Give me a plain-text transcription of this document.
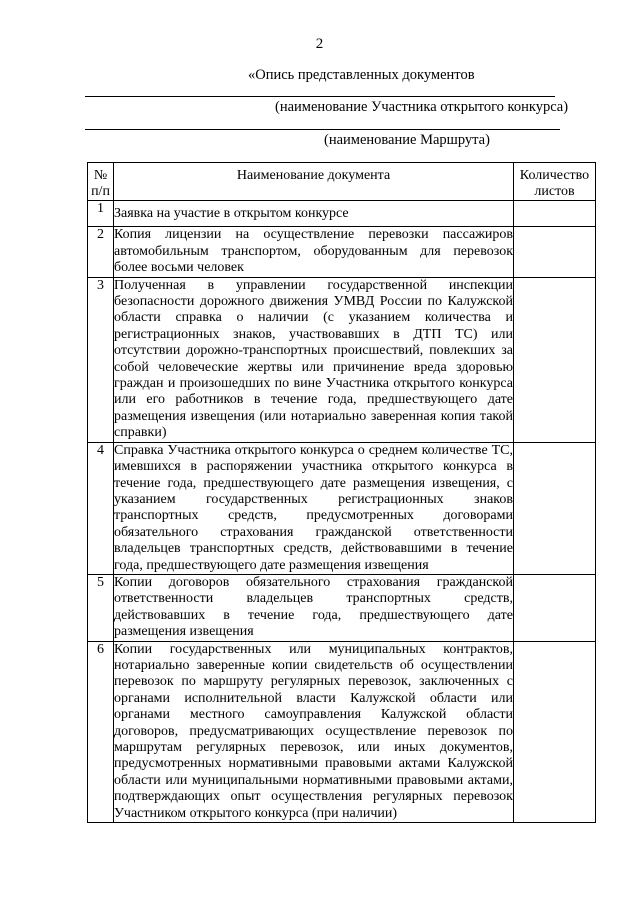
2
«Опись представленных документов
(наименование Участника открытого конкурса)
(наименование Маршрута)
№ п/п	Наименование документа	Количество листов
1	Заявка на участие в открытом конкурсе	
2	Копия лицензии на осуществление перевозки пассажиров автомобильным транспортом, оборудованным для перевозок более восьми человек	
3	Полученная в управлении государственной инспекции безопасности дорожного движения УМВД России по Калужской области справка о наличии (с указанием количества и регистрационных знаков, участвовавших в ДТП ТС) или отсутствии дорожно-транспортных происшествий, повлекших за собой человеческие жертвы или причинение вреда здоровью граждан и произошедших по вине Участника открытого конкурса или его работников в течение года, предшествующего дате размещения извещения (или нотариально заверенная копия такой справки)	
4	Справка Участника открытого конкурса о среднем количестве ТС, имевшихся в распоряжении участника открытого конкурса в течение года, предшествующего дате размещения извещения, с указанием государственных регистрационных знаков транспортных средств, предусмотренных договорами обязательного страхования гражданской ответственности владельцев транспортных средств, действовавшими в течение года, предшествующего дате размещения извещения	
5	Копии договоров обязательного страхования гражданской ответственности владельцев транспортных средств, действовавших в течение года, предшествующего дате размещения извещения	
6	Копии государственных или муниципальных контрактов, нотариально заверенные копии свидетельств об осуществлении перевозок по маршруту регулярных перевозок, заключенных с органами исполнительной власти Калужской области или органами местного самоуправления Калужской области договоров, предусматривающих осуществление перевозок по маршрутам регулярных перевозок, или иных документов, предусмотренных нормативными правовыми актами Калужской области или муниципальными нормативными правовыми актами, подтверждающих опыт осуществления регулярных перевозок Участником открытого конкурса (при наличии)	
